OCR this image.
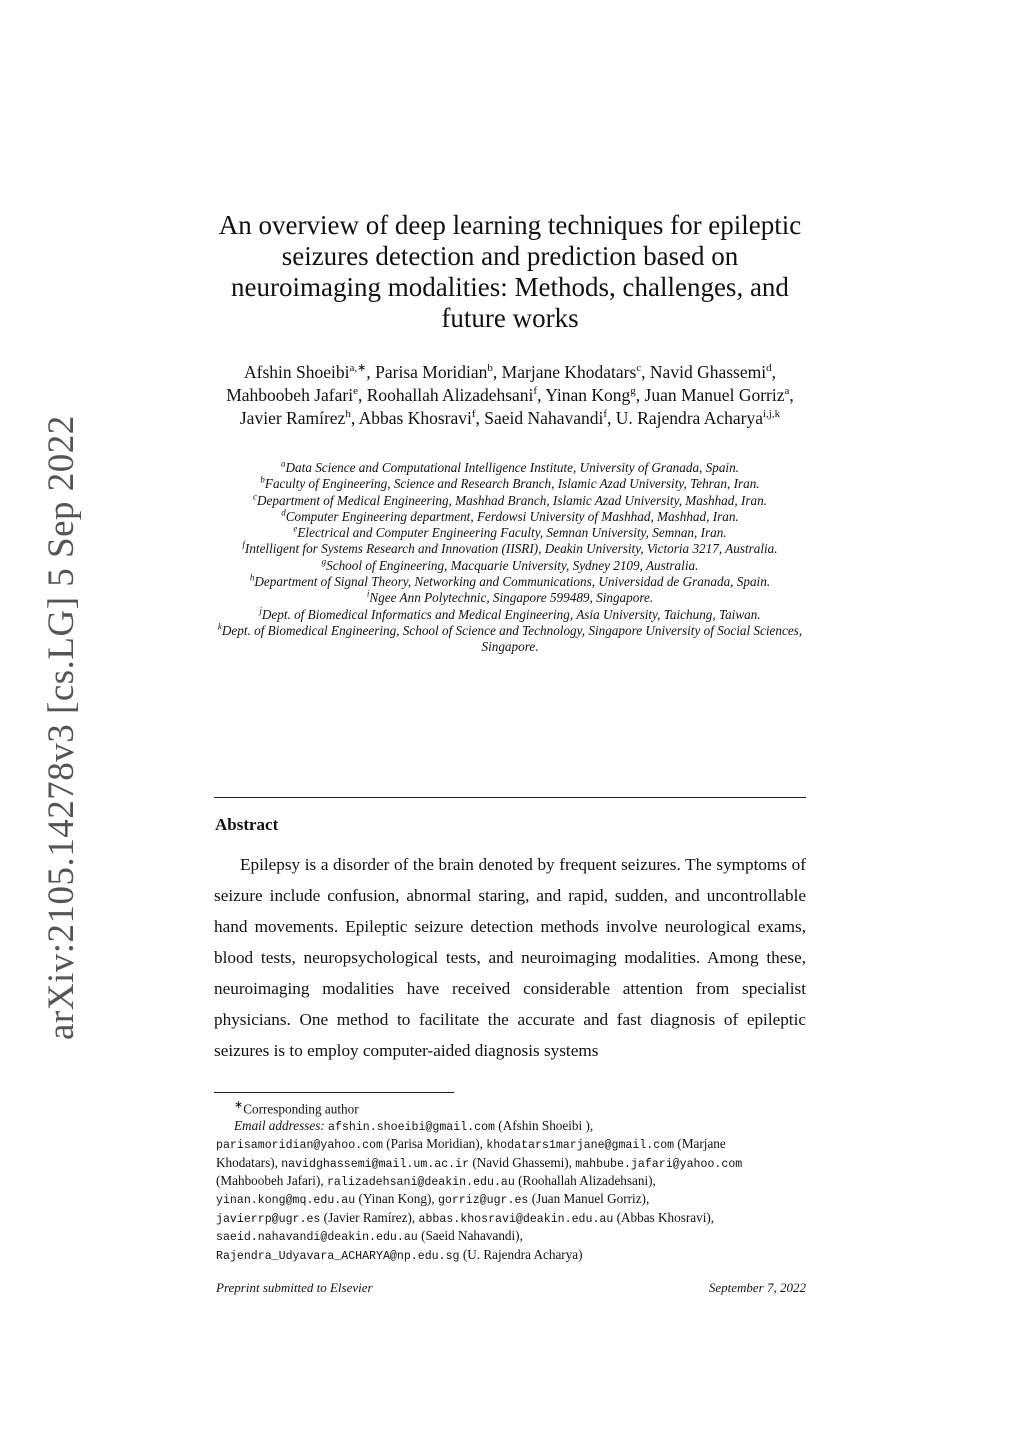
arXiv:2105.14278v3 [cs.LG] 5 Sep 2022
An overview of deep learning techniques for epileptic seizures detection and prediction based on neuroimaging modalities: Methods, challenges, and future works
Afshin Shoeibi$^{a,∗}$, Parisa Moridian$^b$, Marjane Khodatars$^c$, Navid Ghassemi$^d$, Mahboobeh Jafari$^e$, Roohallah Alizadehsani$^f$, Yinan Kong$^g$, Juan Manuel Gorriz$^a$, Javier Ramírez$^h$, Abbas Khosravi$^f$, Saeid Nahavandi$^f$, U. Rajendra Acharya$^{i,j,k}$
$^a$Data Science and Computational Intelligence Institute, University of Granada, Spain.
$^b$Faculty of Engineering, Science and Research Branch, Islamic Azad University, Tehran, Iran.
$^c$Department of Medical Engineering, Mashhad Branch, Islamic Azad University, Mashhad, Iran.
$^d$Computer Engineering department, Ferdowsi University of Mashhad, Mashhad, Iran.
$^e$Electrical and Computer Engineering Faculty, Semnan University, Semnan, Iran.
$^f$Intelligent for Systems Research and Innovation (IISRI), Deakin University, Victoria 3217, Australia.
$^g$School of Engineering, Macquarie University, Sydney 2109, Australia.
$^h$Department of Signal Theory, Networking and Communications, Universidad de Granada, Spain.
$^i$Ngee Ann Polytechnic, Singapore 599489, Singapore.
$^j$Dept. of Biomedical Informatics and Medical Engineering, Asia University, Taichung, Taiwan.
$^k$Dept. of Biomedical Engineering, School of Science and Technology, Singapore University of Social Sciences, Singapore.
Abstract
Epilepsy is a disorder of the brain denoted by frequent seizures. The symptoms of seizure include confusion, abnormal staring, and rapid, sudden, and uncontrollable hand movements. Epileptic seizure detection methods involve neurological exams, blood tests, neuropsychological tests, and neuroimaging modalities. Among these, neuroimaging modalities have received considerable attention from specialist physicians. One method to facilitate the accurate and fast diagnosis of epileptic seizures is to employ computer-aided diagnosis systems
∗Corresponding author
Email addresses: afshin.shoeibi@gmail.com (Afshin Shoeibi ),
parisamoridian@yahoo.com (Parisa Moridian), khodatars1marjane@gmail.com (Marjane
Khodatars), navidghassemi@mail.um.ac.ir (Navid Ghassemi), mahbube.jafari@yahoo.com
(Mahboobeh Jafari), ralizadehsani@deakin.edu.au (Roohallah Alizadehsani),
yinan.kong@mq.edu.au (Yinan Kong), gorriz@ugr.es (Juan Manuel Gorriz),
javierrp@ugr.es (Javier Ramírez), abbas.khosravi@deakin.edu.au (Abbas Khosravi),
saeid.nahavandi@deakin.edu.au (Saeid Nahavandi),
Rajendra_Udyavara_ACHARYA@np.edu.sg (U. Rajendra Acharya)
Preprint submitted to Elsevier	September 7, 2022
